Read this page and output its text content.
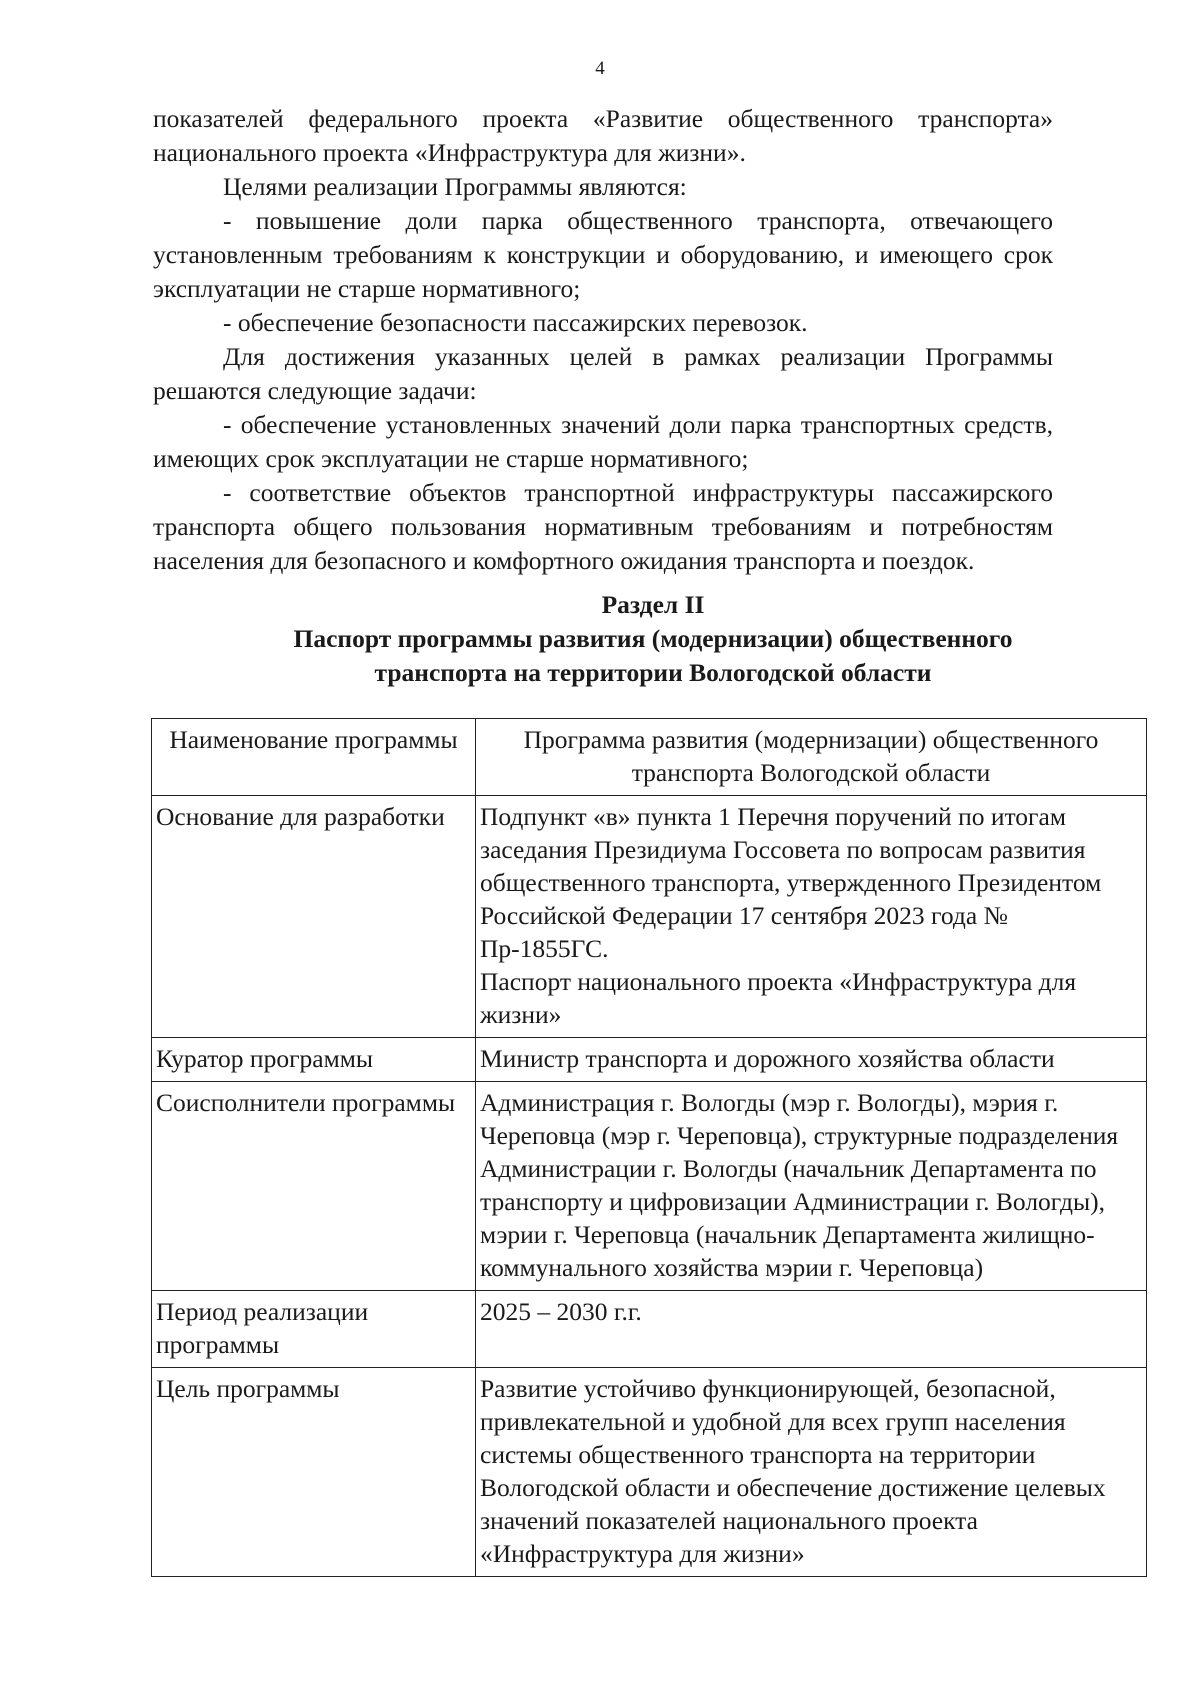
4

показателей федерального проекта «Развитие общественного транспорта» национального проекта «Инфраструктура для жизни».

Целями реализации Программы являются:

- повышение доли парка общественного транспорта, отвечающего установленным требованиям к конструкции и оборудованию, и имеющего срок эксплуатации не старше нормативного;

- обеспечение безопасности пассажирских перевозок.

Для достижения указанных целей в рамках реализации Программы решаются следующие задачи:

- обеспечение установленных значений доли парка транспортных средств, имеющих срок эксплуатации не старше нормативного;

- соответствие объектов транспортной инфраструктуры пассажирского транспорта общего пользования нормативным требованиям и потребностям населения для безопасного и комфортного ожидания транспорта и поездок.

Раздел II
Паспорт программы развития (модернизации) общественного
транспорта на территории Вологодской области
Наименование программы	Программа развития (модернизации) общественного транспорта Вологодской области
Основание для разработки	Подпункт «в» пункта 1 Перечня поручений по итогам заседания Президиума Госсовета по вопросам развития общественного транспорта, утвержденного Президентом Российской Федерации 17 сентября 2023 года № Пр-1855ГС.
Паспорт национального проекта «Инфраструктура для жизни»

Куратор программы	Министр транспорта и дорожного хозяйства области
Соисполнители программы	Администрация г. Вологды (мэр г. Вологды), мэрия г. Череповца (мэр г. Череповца), структурные подразделения Администрации г. Вологды (начальник Департамента по транспорту и цифровизации Администрации г. Вологды), мэрии г. Череповца (начальник Департамента жилищно-коммунального хозяйства мэрии г. Череповца)
Период реализации программы	2025 – 2030 г.г.
Цель программы	Развитие устойчиво функционирующей, безопасной, привлекательной и удобной для всех групп населения системы общественного транспорта на территории Вологодской области и обеспечение достижение целевых значений показателей национального проекта «Инфраструктура для жизни»
